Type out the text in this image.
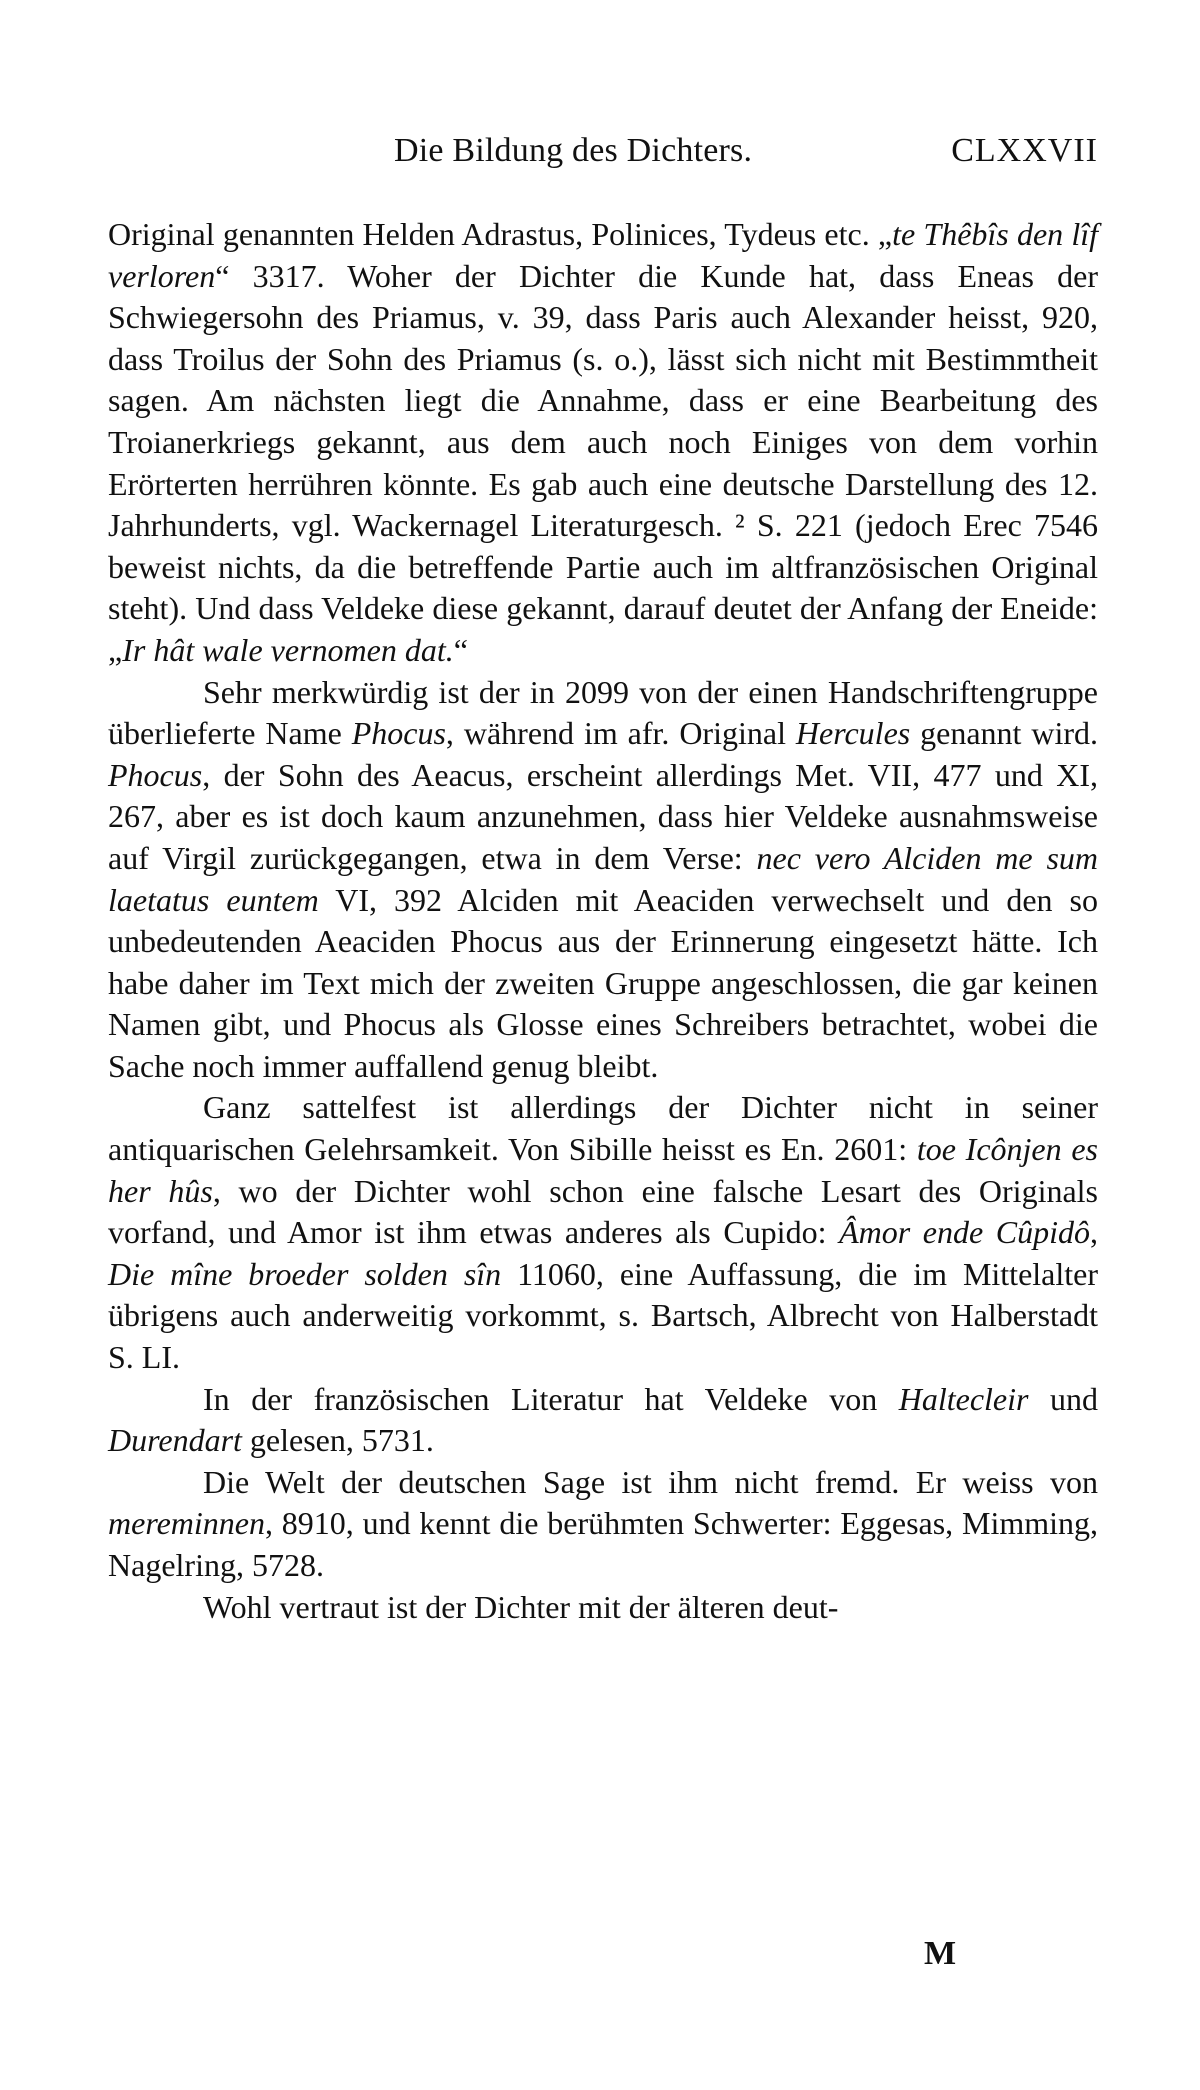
Die Bildung des Dichters.	CLXXVII

Original genannten Helden Adrastus, Polinices, Tydeus etc. „te Thêbîs den lîf verloren“ 3317. Woher der Dichter die Kunde hat, dass Eneas der Schwiegersohn des Priamus, v. 39, dass Paris auch Alexander heisst, 920, dass Troilus der Sohn des Priamus (s. o.), lässt sich nicht mit Bestimmtheit sagen. Am nächsten liegt die Annahme, dass er eine Bearbeitung des Troianerkriegs gekannt, aus dem auch noch Einiges von dem vorhin Erörterten herrühren könnte. Es gab auch eine deutsche Darstellung des 12. Jahrhunderts, vgl. Wackernagel Literaturgesch. ² S. 221 (jedoch Erec 7546 beweist nichts, da die betreffende Partie auch im altfranzösischen Original steht). Und dass Veldeke diese gekannt, darauf deutet der Anfang der Eneide: „Ir hât wale vernomen dat.“

Sehr merkwürdig ist der in 2099 von der einen Handschriftengruppe überlieferte Name Phocus, während im afr. Original Hercules genannt wird. Phocus, der Sohn des Aeacus, erscheint allerdings Met. VII, 477 und XI, 267, aber es ist doch kaum anzunehmen, dass hier Veldeke ausnahmsweise auf Virgil zurückgegangen, etwa in dem Verse: nec vero Alciden me sum laetatus euntem VI, 392 Alciden mit Aeaciden verwechselt und den so unbedeutenden Aeaciden Phocus aus der Erinnerung eingesetzt hätte. Ich habe daher im Text mich der zweiten Gruppe angeschlossen, die gar keinen Namen gibt, und Phocus als Glosse eines Schreibers betrachtet, wobei die Sache noch immer auffallend genug bleibt.

Ganz sattelfest ist allerdings der Dichter nicht in seiner antiquarischen Gelehrsamkeit. Von Sibille heisst es En. 2601: toe Icônjen es her hûs, wo der Dichter wohl schon eine falsche Lesart des Originals vorfand, und Amor ist ihm etwas anderes als Cupido: Âmor ende Cûpidô, Die mîne broeder solden sîn 11060, eine Auffassung, die im Mittelalter übrigens auch anderweitig vorkommt, s. Bartsch, Albrecht von Halberstadt S. LI.

In der französischen Literatur hat Veldeke von Haltecleir und Durendart gelesen, 5731.

Die Welt der deutschen Sage ist ihm nicht fremd. Er weiss von mereminnen, 8910, und kennt die berühmten Schwerter: Eggesas, Mimming, Nagelring, 5728.

Wohl vertraut ist der Dichter mit der älteren deut-

M
